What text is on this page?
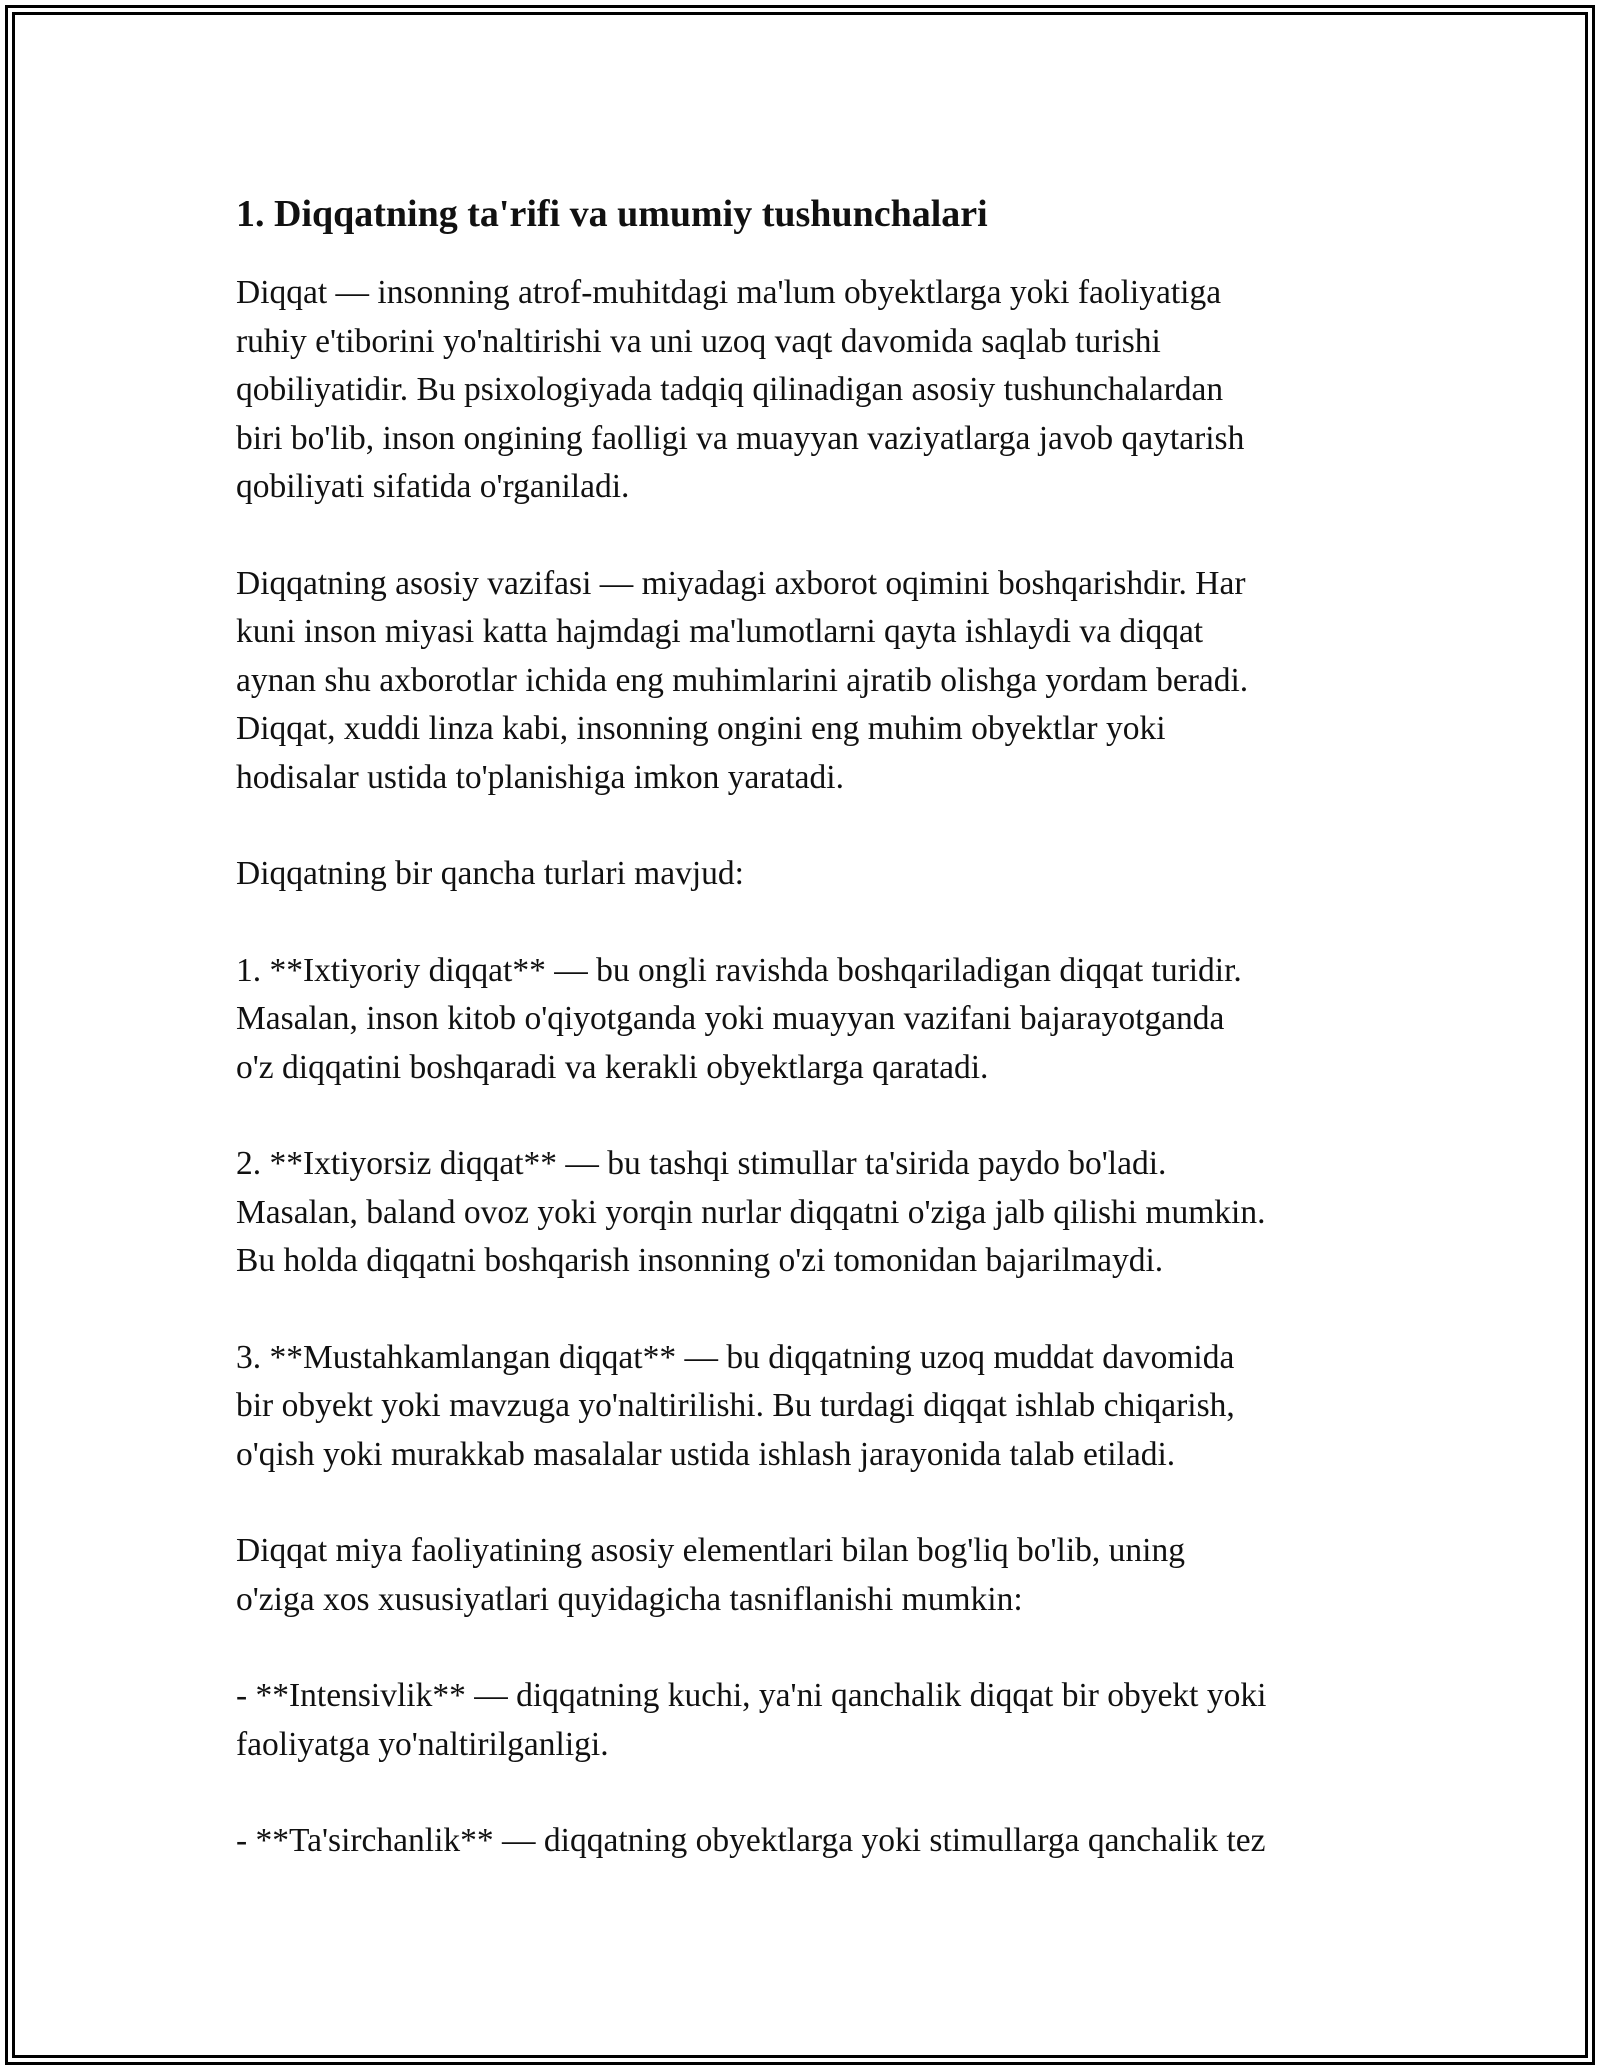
1. Diqqatning ta'rifi va umumiy tushunchalari

Diqqat — insonning atrof-muhitdagi ma'lum obyektlarga yoki faoliyatiga
ruhiy e'tiborini yo'naltirishi va uni uzoq vaqt davomida saqlab turishi
qobiliyatidir. Bu psixologiyada tadqiq qilinadigan asosiy tushunchalardan
biri bo'lib, inson ongining faolligi va muayyan vaziyatlarga javob qaytarish
qobiliyati sifatida o'rganiladi.

Diqqatning asosiy vazifasi — miyadagi axborot oqimini boshqarishdir. Har
kuni inson miyasi katta hajmdagi ma'lumotlarni qayta ishlaydi va diqqat
aynan shu axborotlar ichida eng muhimlarini ajratib olishga yordam beradi.
Diqqat, xuddi linza kabi, insonning ongini eng muhim obyektlar yoki
hodisalar ustida to'planishiga imkon yaratadi.

Diqqatning bir qancha turlari mavjud:

1. **Ixtiyoriy diqqat** — bu ongli ravishda boshqariladigan diqqat turidir.
Masalan, inson kitob o'qiyotganda yoki muayyan vazifani bajarayotganda
o'z diqqatini boshqaradi va kerakli obyektlarga qaratadi.

2. **Ixtiyorsiz diqqat** — bu tashqi stimullar ta'sirida paydo bo'ladi.
Masalan, baland ovoz yoki yorqin nurlar diqqatni o'ziga jalb qilishi mumkin.
Bu holda diqqatni boshqarish insonning o'zi tomonidan bajarilmaydi.

3. **Mustahkamlangan diqqat** — bu diqqatning uzoq muddat davomida
bir obyekt yoki mavzuga yo'naltirilishi. Bu turdagi diqqat ishlab chiqarish,
o'qish yoki murakkab masalalar ustida ishlash jarayonida talab etiladi.

Diqqat miya faoliyatining asosiy elementlari bilan bog'liq bo'lib, uning
o'ziga xos xususiyatlari quyidagicha tasniflanishi mumkin:

- **Intensivlik** — diqqatning kuchi, ya'ni qanchalik diqqat bir obyekt yoki
faoliyatga yo'naltirilganligi.

- **Ta'sirchanlik** — diqqatning obyektlarga yoki stimullarga qanchalik tez
